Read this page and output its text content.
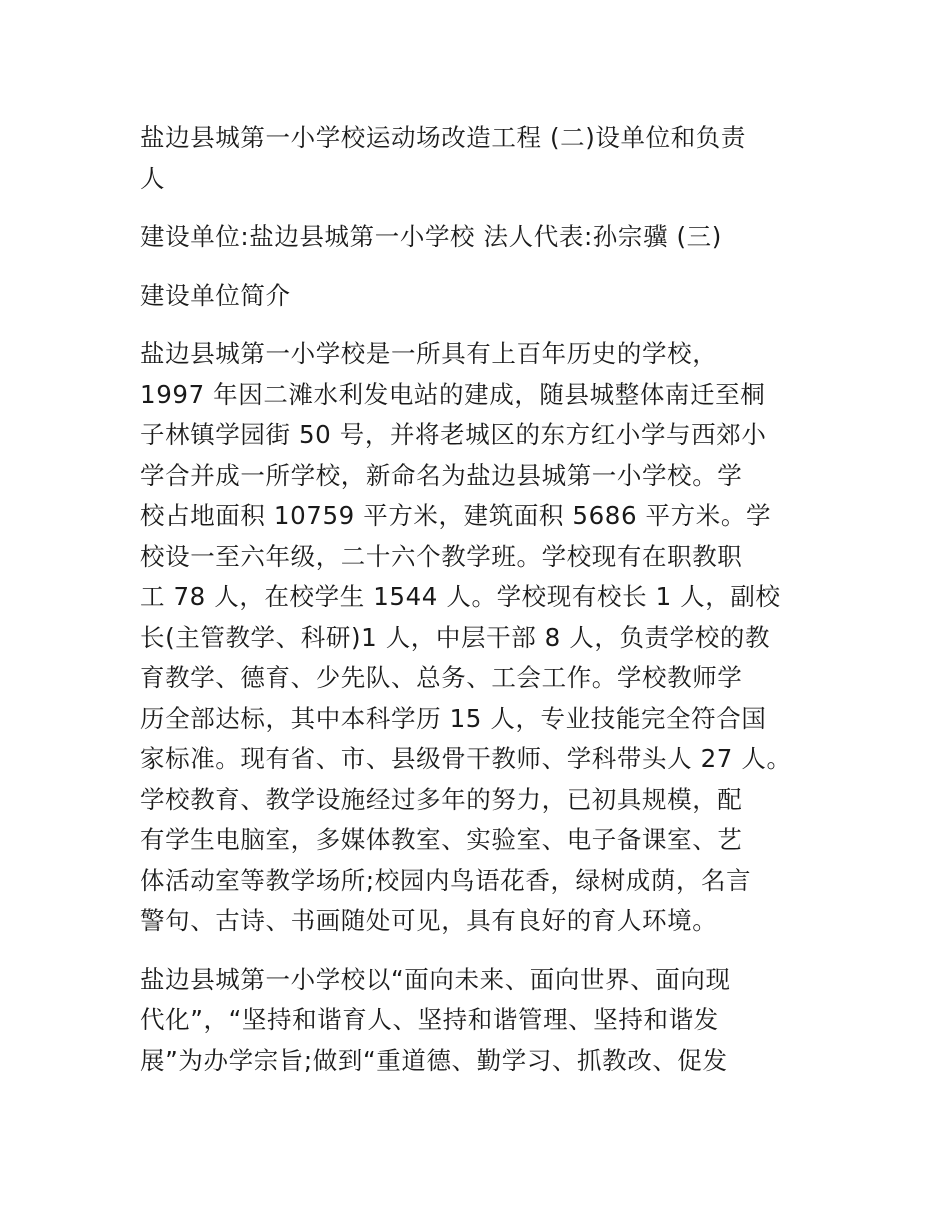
盐边县城第一小学校运动场改造工程 (二)设单位和负责
人

建设单位:盐边县城第一小学校 法人代表:孙宗骥 (三)

建设单位简介

盐边县城第一小学校是一所具有上百年历史的学校，
1997 年因二滩水利发电站的建成，随县城整体南迁至桐
子林镇学园街 50 号，并将老城区的东方红小学与西郊小
学合并成一所学校，新命名为盐边县城第一小学校。学
校占地面积 10759 平方米，建筑面积 5686 平方米。学
校设一至六年级，二十六个教学班。学校现有在职教职
工 78 人，在校学生 1544 人。学校现有校长 1 人，副校
长(主管教学、科研)1 人，中层干部 8 人，负责学校的教
育教学、德育、少先队、总务、工会工作。学校教师学
历全部达标，其中本科学历 15 人，专业技能完全符合国
家标准。现有省、市、县级骨干教师、学科带头人 27 人。
学校教育、教学设施经过多年的努力，已初具规模，配
有学生电脑室，多媒体教室、实验室、电子备课室、艺
体活动室等教学场所;校园内鸟语花香，绿树成荫，名言
警句、古诗、书画随处可见，具有良好的育人环境。

盐边县城第一小学校以“面向未来、面向世界、面向现
代化”，“坚持和谐育人、坚持和谐管理、坚持和谐发
展”为办学宗旨;做到“重道德、勤学习、抓教改、促发
